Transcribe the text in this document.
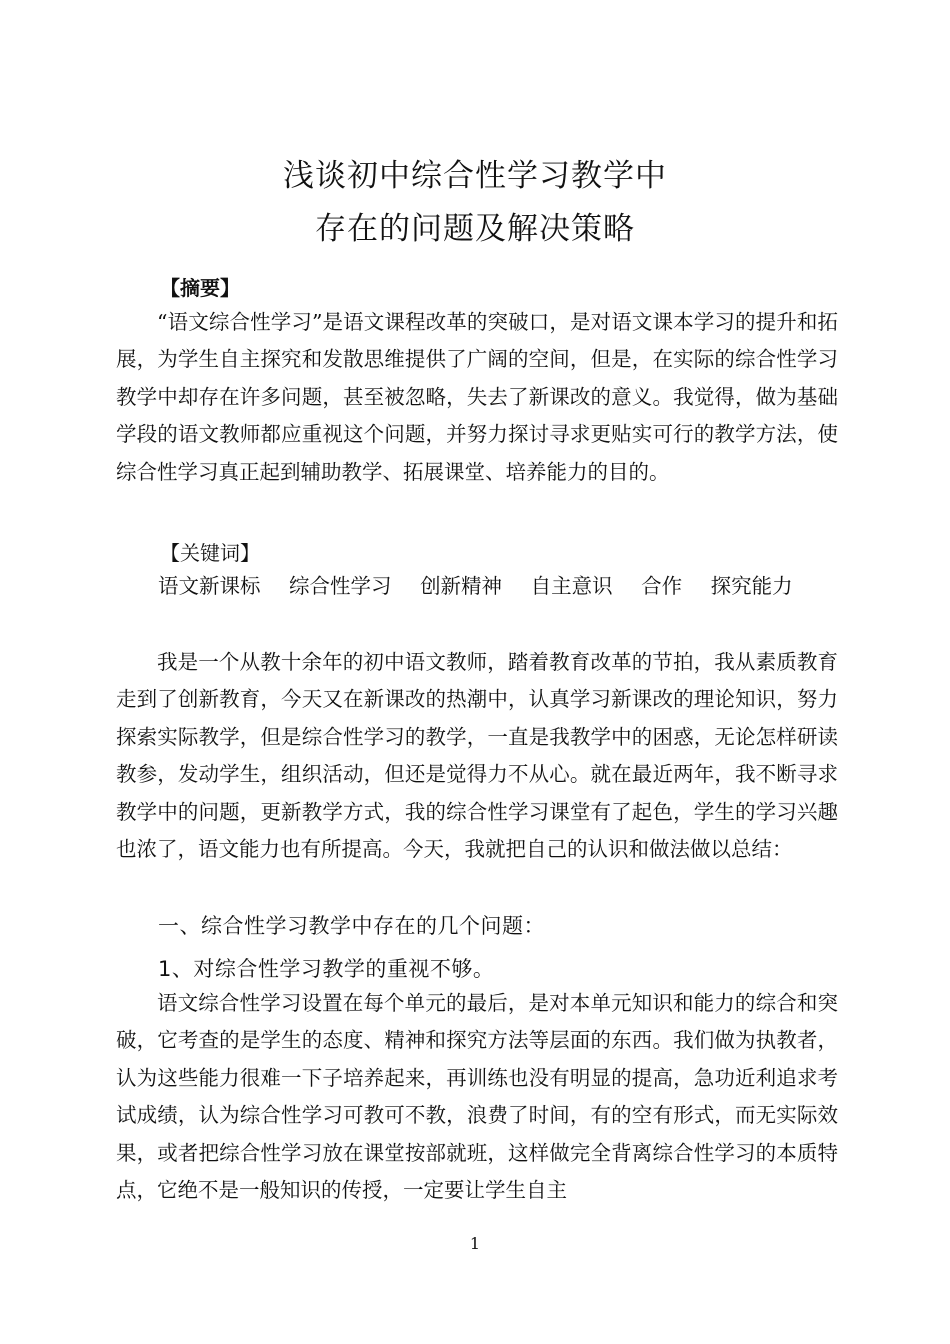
浅谈初中综合性学习教学中
存在的问题及解决策略
【摘要】
“语文综合性学习”是语文课程改革的突破口，是对语文课本学习的提升和拓展，为学生自主探究和发散思维提供了广阔的空间，但是，在实际的综合性学习教学中却存在许多问题，甚至被忽略，失去了新课改的意义。我觉得，做为基础学段的语文教师都应重视这个问题，并努力探讨寻求更贴实可行的教学方法，使综合性学习真正起到辅助教学、拓展课堂、培养能力的目的。
【关键词】
语文新课标 综合性学习 创新精神 自主意识 合作 探究能力
我是一个从教十余年的初中语文教师，踏着教育改革的节拍，我从素质教育走到了创新教育，今天又在新课改的热潮中，认真学习新课改的理论知识，努力探索实际教学，但是综合性学习的教学，一直是我教学中的困惑，无论怎样研读教参，发动学生，组织活动，但还是觉得力不从心。就在最近两年，我不断寻求教学中的问题，更新教学方式，我的综合性学习课堂有了起色，学生的学习兴趣也浓了，语文能力也有所提高。今天，我就把自己的认识和做法做以总结：
一、综合性学习教学中存在的几个问题：
1、对综合性学习教学的重视不够。
语文综合性学习设置在每个单元的最后，是对本单元知识和能力的综合和突破，它考查的是学生的态度、精神和探究方法等层面的东西。我们做为执教者，认为这些能力很难一下子培养起来，再训练也没有明显的提高，急功近利追求考试成绩，认为综合性学习可教可不教，浪费了时间，有的空有形式，而无实际效果，或者把综合性学习放在课堂按部就班，这样做完全背离综合性学习的本质特点，它绝不是一般知识的传授，一定要让学生自主
1
